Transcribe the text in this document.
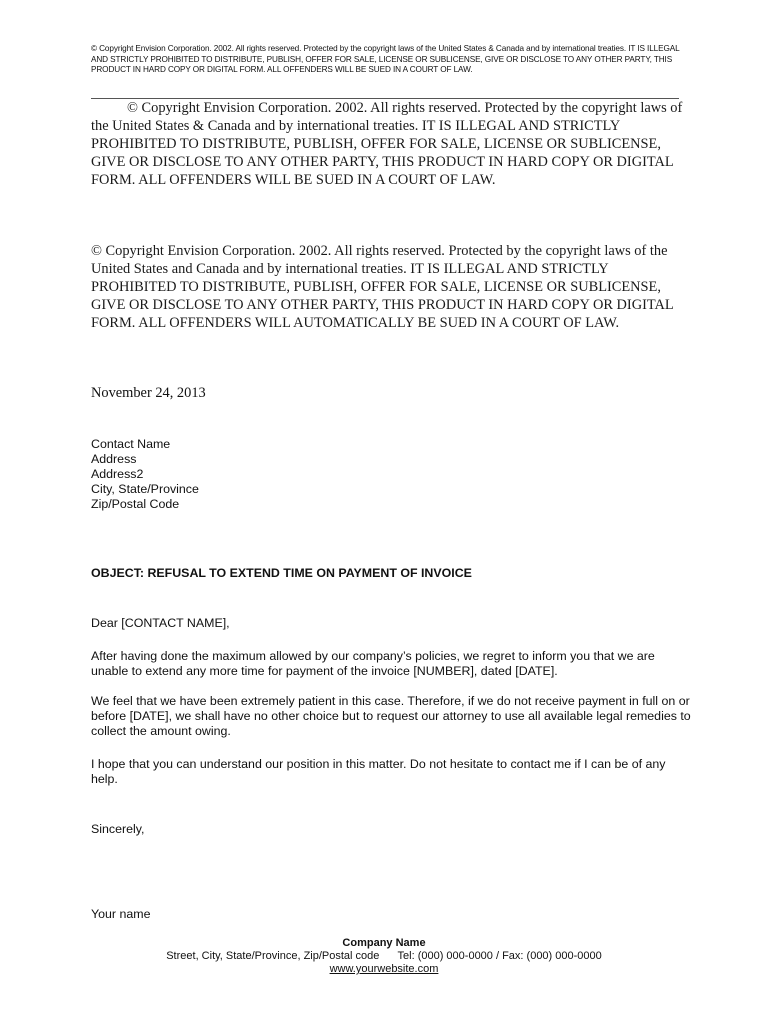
© Copyright Envision Corporation. 2002. All rights reserved. Protected by the copyright laws of the United States & Canada and by international treaties. IT IS ILLEGAL AND STRICTLY PROHIBITED TO DISTRIBUTE, PUBLISH, OFFER FOR SALE, LICENSE OR SUBLICENSE, GIVE OR DISCLOSE TO ANY OTHER PARTY, THIS PRODUCT IN HARD COPY OR DIGITAL FORM. ALL OFFENDERS WILL BE SUED IN A COURT OF LAW.
© Copyright Envision Corporation. 2002. All rights reserved. Protected by the copyright laws of the United States & Canada and by international treaties. IT IS ILLEGAL AND STRICTLY PROHIBITED TO DISTRIBUTE, PUBLISH, OFFER FOR SALE, LICENSE OR SUBLICENSE, GIVE OR DISCLOSE TO ANY OTHER PARTY, THIS PRODUCT IN HARD COPY OR DIGITAL FORM. ALL OFFENDERS WILL BE SUED IN A COURT OF LAW.
© Copyright Envision Corporation. 2002. All rights reserved. Protected by the copyright laws of the United States and Canada and by international treaties. IT IS ILLEGAL AND STRICTLY PROHIBITED TO DISTRIBUTE, PUBLISH, OFFER FOR SALE, LICENSE OR SUBLICENSE, GIVE OR DISCLOSE TO ANY OTHER PARTY, THIS PRODUCT IN HARD COPY OR DIGITAL FORM. ALL OFFENDERS WILL AUTOMATICALLY BE SUED IN A COURT OF LAW.
November 24, 2013
Contact Name
Address
Address2
City, State/Province
Zip/Postal Code
OBJECT: REFUSAL TO EXTEND TIME ON PAYMENT OF INVOICE
Dear [CONTACT NAME],
After having done the maximum allowed by our company’s policies, we regret to inform you that we are unable to extend any more time for payment of the invoice [NUMBER], dated [DATE].
We feel that we have been extremely patient in this case. Therefore, if we do not receive payment in full on or before [DATE], we shall have no other choice but to request our attorney to use all available legal remedies to collect the amount owing.
I hope that you can understand our position in this matter. Do not hesitate to contact me if I can be of any help.
Sincerely,
Your name
Company Name
Street, City, State/Province, Zip/Postal code      Tel: (000) 000-0000 / Fax: (000) 000-0000
www.yourwebsite.com
